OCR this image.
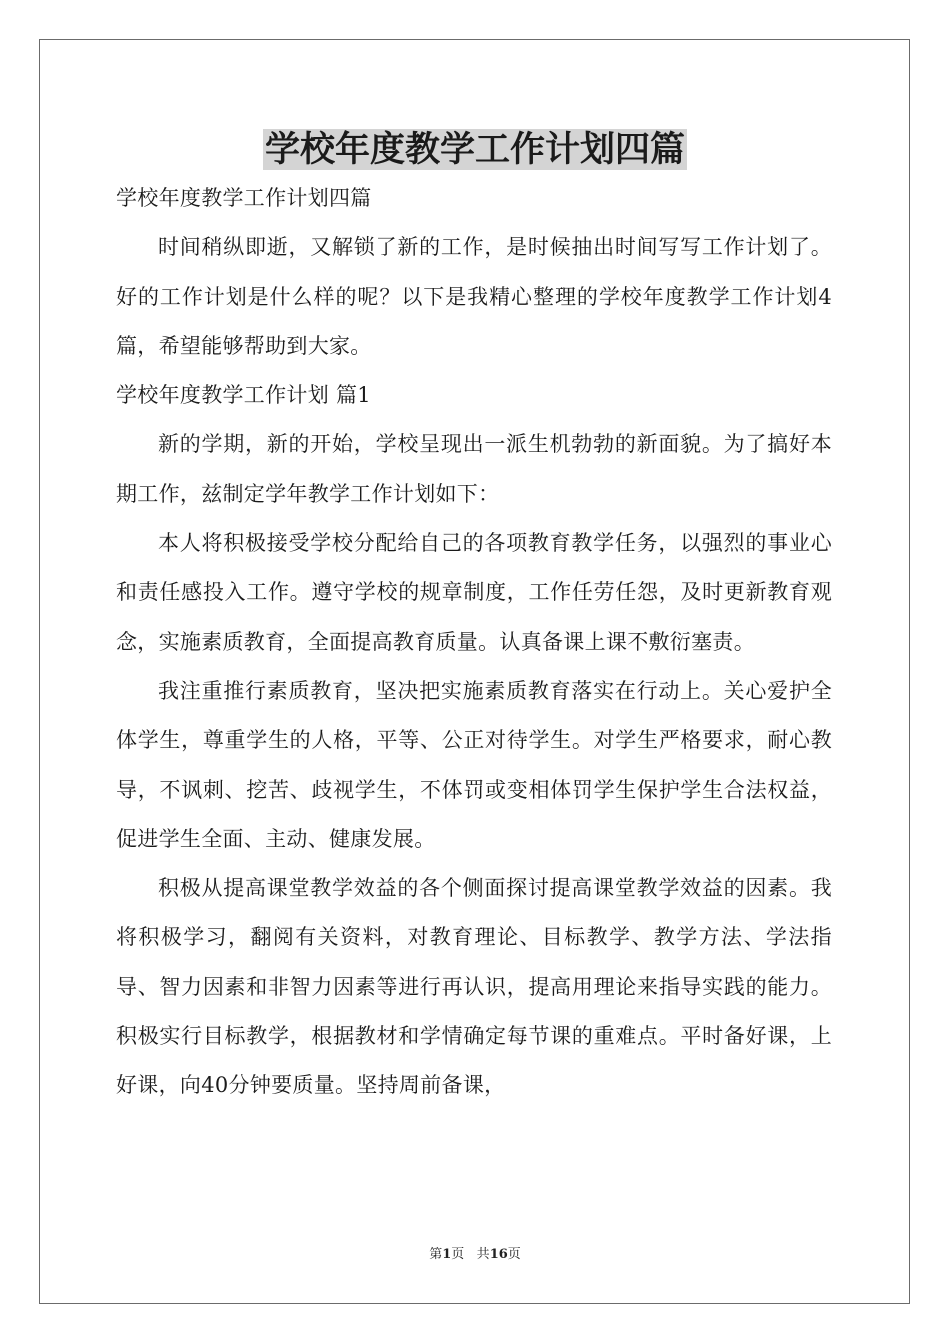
学校年度教学工作计划四篇

学校年度教学工作计划四篇

时间稍纵即逝，又解锁了新的工作，是时候抽出时间写写工作计划了。好的工作计划是什么样的呢？以下是我精心整理的学校年度教学工作计划4篇，希望能够帮助到大家。

学校年度教学工作计划 篇1

新的学期，新的开始，学校呈现出一派生机勃勃的新面貌。为了搞好本期工作，兹制定学年教学工作计划如下：

本人将积极接受学校分配给自己的各项教育教学任务，以强烈的事业心和责任感投入工作。遵守学校的规章制度，工作任劳任怨，及时更新教育观念，实施素质教育，全面提高教育质量。认真备课上课不敷衍塞责。

我注重推行素质教育，坚决把实施素质教育落实在行动上。关心爱护全体学生，尊重学生的人格，平等、公正对待学生。对学生严格要求，耐心教导，不讽刺、挖苦、歧视学生，不体罚或变相体罚学生保护学生合法权益，促进学生全面、主动、健康发展。

积极从提高课堂教学效益的各个侧面探讨提高课堂教学效益的因素。我将积极学习，翻阅有关资料，对教育理论、目标教学、教学方法、学法指导、智力因素和非智力因素等进行再认识，提高用理论来指导实践的能力。积极实行目标教学，根据教材和学情确定每节课的重难点。平时备好课，上好课，向40分钟要质量。坚持周前备课，

第1页 共16页
